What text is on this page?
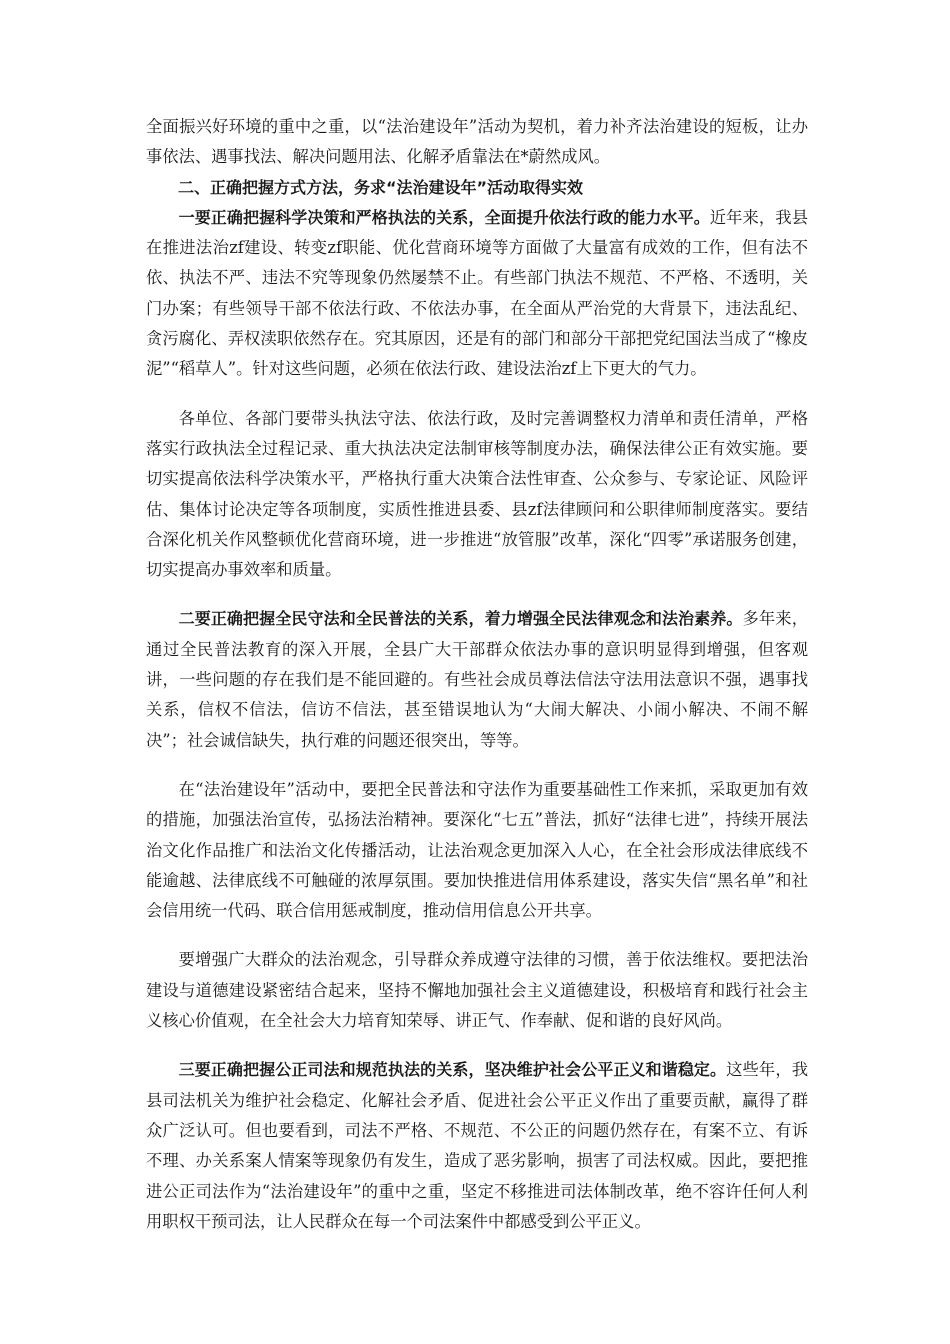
全面振兴好环境的重中之重，以“法治建设年”活动为契机，着力补齐法治建设的短板，让办事依法、遇事找法、解决问题用法、化解矛盾靠法在*蔚然成风。

二、正确把握方式方法，务求“法治建设年”活动取得实效

一要正确把握科学决策和严格执法的关系，全面提升依法行政的能力水平。近年来，我县在推进法治zf建设、转变zf职能、优化营商环境等方面做了大量富有成效的工作，但有法不依、执法不严、违法不究等现象仍然屡禁不止。有些部门执法不规范、不严格、不透明，关门办案；有些领导干部不依法行政、不依法办事，在全面从严治党的大背景下，违法乱纪、贪污腐化、弄权渎职依然存在。究其原因，还是有的部门和部分干部把党纪国法当成了“橡皮泥”“稻草人”。针对这些问题，必须在依法行政、建设法治zf上下更大的气力。

各单位、各部门要带头执法守法、依法行政，及时完善调整权力清单和责任清单，严格落实行政执法全过程记录、重大执法决定法制审核等制度办法，确保法律公正有效实施。要切实提高依法科学决策水平，严格执行重大决策合法性审查、公众参与、专家论证、风险评估、集体讨论决定等各项制度，实质性推进县委、县zf法律顾问和公职律师制度落实。要结合深化机关作风整顿优化营商环境，进一步推进“放管服”改革，深化“四零”承诺服务创建，切实提高办事效率和质量。

二要正确把握全民守法和全民普法的关系，着力增强全民法律观念和法治素养。多年来，通过全民普法教育的深入开展，全县广大干部群众依法办事的意识明显得到增强，但客观讲，一些问题的存在我们是不能回避的。有些社会成员尊法信法守法用法意识不强，遇事找关系，信权不信法，信访不信法，甚至错误地认为“大闹大解决、小闹小解决、不闹不解决”；社会诚信缺失，执行难的问题还很突出，等等。

在“法治建设年”活动中，要把全民普法和守法作为重要基础性工作来抓，采取更加有效的措施，加强法治宣传，弘扬法治精神。要深化“七五”普法，抓好“法律七进”，持续开展法治文化作品推广和法治文化传播活动，让法治观念更加深入人心，在全社会形成法律底线不能逾越、法律底线不可触碰的浓厚氛围。要加快推进信用体系建设，落实失信“黑名单”和社会信用统一代码、联合信用惩戒制度，推动信用信息公开共享。

要增强广大群众的法治观念，引导群众养成遵守法律的习惯，善于依法维权。要把法治建设与道德建设紧密结合起来，坚持不懈地加强社会主义道德建设，积极培育和践行社会主义核心价值观，在全社会大力培育知荣辱、讲正气、作奉献、促和谐的良好风尚。

三要正确把握公正司法和规范执法的关系，坚决维护社会公平正义和谐稳定。这些年，我县司法机关为维护社会稳定、化解社会矛盾、促进社会公平正义作出了重要贡献，赢得了群众广泛认可。但也要看到，司法不严格、不规范、不公正的问题仍然存在，有案不立、有诉不理、办关系案人情案等现象仍有发生，造成了恶劣影响，损害了司法权威。因此，要把推进公正司法作为“法治建设年”的重中之重，坚定不移推进司法体制改革，绝不容许任何人利用职权干预司法，让人民群众在每一个司法案件中都感受到公平正义。
